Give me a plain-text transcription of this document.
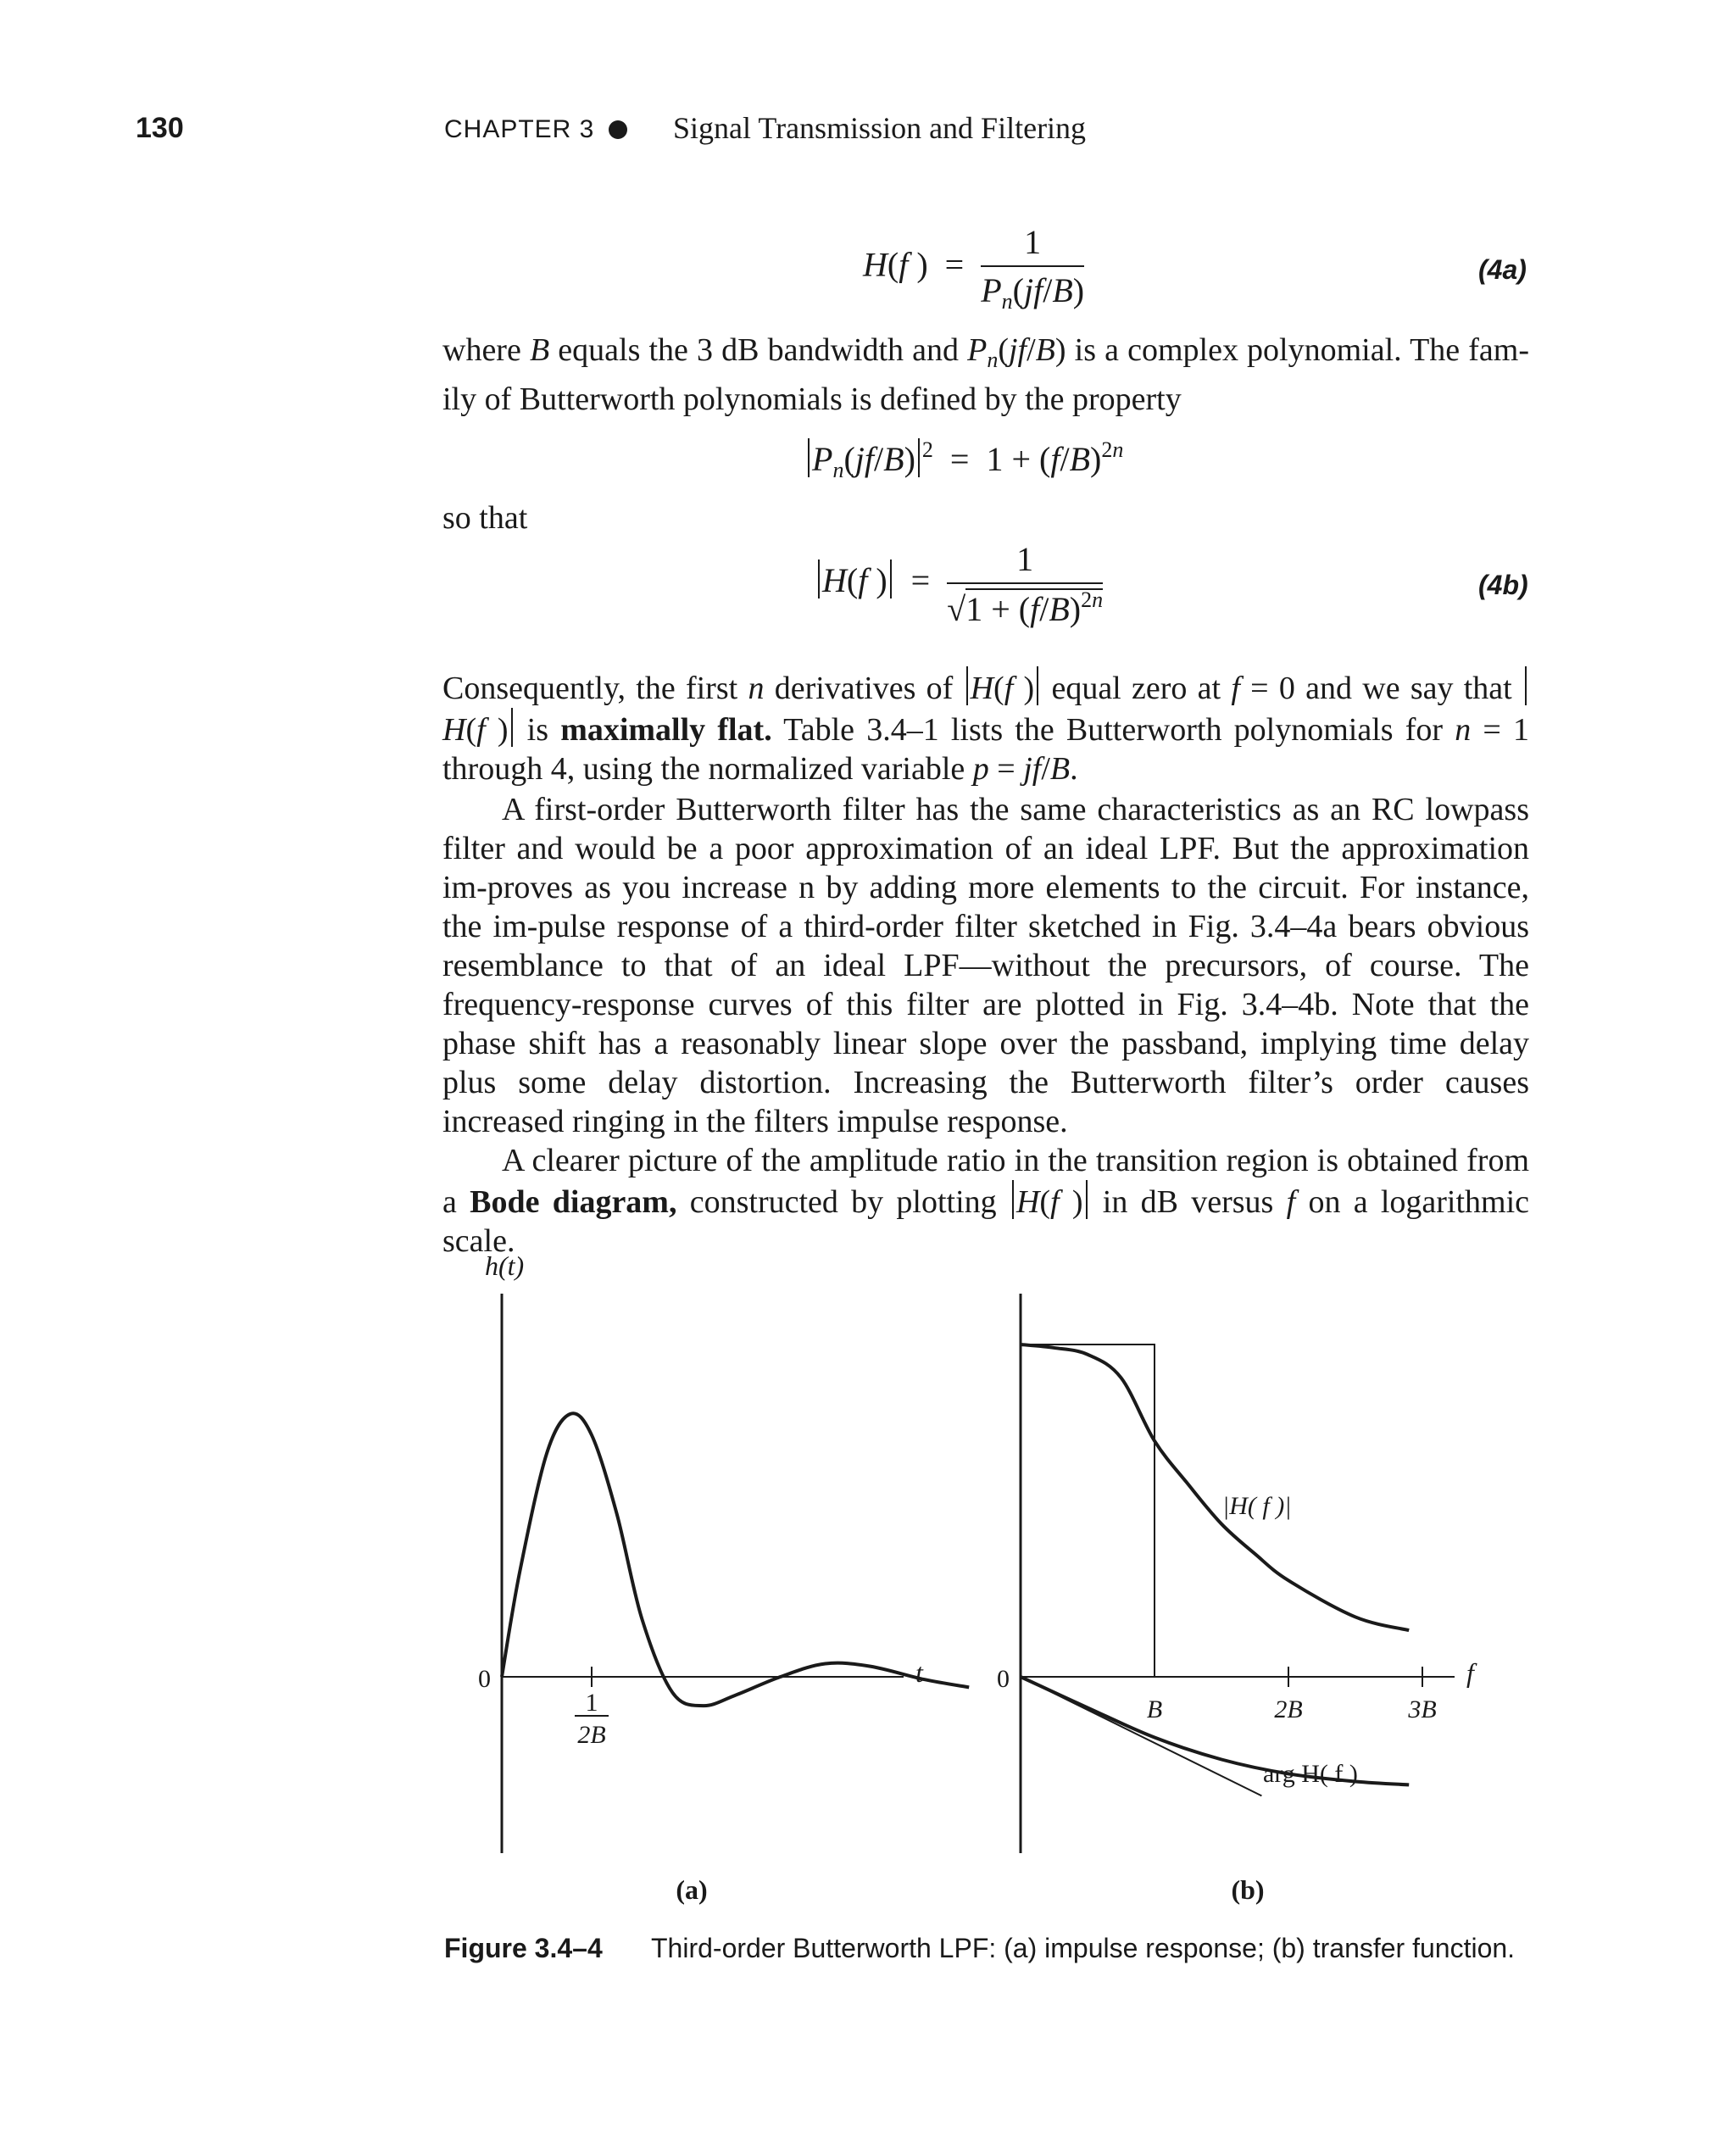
130	CHAPTER 3	Signal Transmission and Filtering
H(f )  = $\frac{1}{P_n(jf/B)}$	(4a)
where B equals the 3 dB bandwidth and $P_n(jf/B)$ is a complex polynomial. The fam-ily of Butterworth polynomials is defined by the property
$P_n(jf/B) ^2 = 1 + (f/B)^{2n}$
so that
H(f )  = $\frac{1}{√1 + (f/B)^{2n}}$	(4b)
Consequently, the first n derivatives of H(f ) equal zero at f = 0 and we say that H(f ) is maximally flat. Table 3.4–1 lists the Butterworth polynomials for n = 1 through 4, using the normalized variable p = jf/B.
A first-order Butterworth filter has the same characteristics as an RC lowpass filter and would be a poor approximation of an ideal LPF. But the approximation im-proves as you increase n by adding more elements to the circuit. For instance, the im-pulse response of a third-order filter sketched in Fig. 3.4–4a bears obvious resemblance to that of an ideal LPF—without the precursors, of course. The frequency-response curves of this filter are plotted in Fig. 3.4–4b. Note that the phase shift has a reasonably linear slope over the passband, implying time delay plus some delay distortion. Increasing the Butterworth filter’s order causes increased ringing in the filters impulse response.
A clearer picture of the amplitude ratio in the transition region is obtained from a Bode diagram, constructed by plotting H(f ) in dB versus f on a logarithmic scale.
h(t)
t
0
1
2B
(a)
0	f
B	2B	3B
|H( f )|
arg H( f )
(b)
Figure 3.4–4 Third-order Butterworth LPF: (a) impulse response; (b) transfer function.
